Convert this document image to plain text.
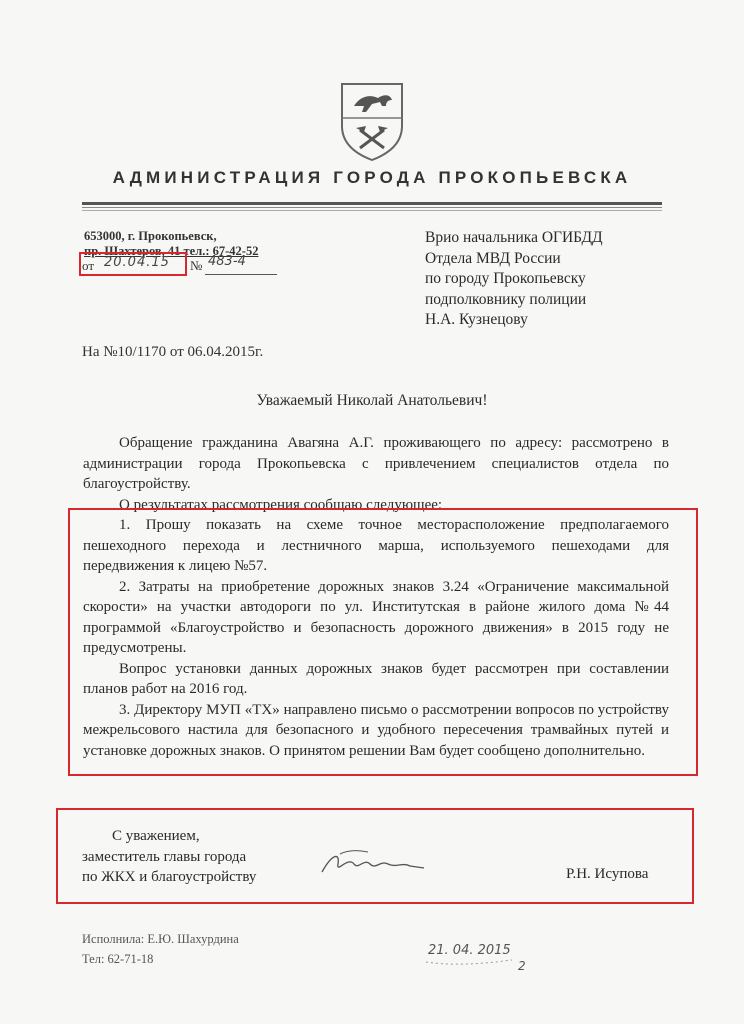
АДМИНИСТРАЦИЯ ГОРОДА ПРОКОПЬЕВСКА
653000, г. Прокопьевск,
пр. Шахтеров, 41 тел.: 67-42-52
от 20.04.15 № 483-4
Врио начальника ОГИБДД
Отдела МВД России
по городу Прокопьевску
подполковнику полиции
Н.А. Кузнецову
На №10/1170 от 06.04.2015г.
Уважаемый Николай Анатольевич!

Обращение гражданина Авагяна А.Г. проживающего по адресу: рассмотрено в администрации города Прокопьевска с привлечением специалистов отдела по благоустройству.

О результатах рассмотрения сообщаю следующее:

1. Прошу показать на схеме точное месторасположение предполагаемого пешеходного перехода и лестничного марша, используемого пешеходами для передвижения к лицею №57.

2. Затраты на приобретение дорожных знаков 3.24 «Ограничение максимальной скорости» на участки автодороги по ул. Институтская в районе жилого дома №44 программой «Благоустройство и безопасность дорожного движения» в 2015 году не предусмотрены.

Вопрос установки данных дорожных знаков будет рассмотрен при составлении планов работ на 2016 год.

3. Директору МУП «ТХ» направлено письмо о рассмотрении вопросов по устройству межрельсового настила для безопасного и удобного пересечения трамвайных путей и установке дорожных знаков. О принятом решении Вам будет сообщено дополнительно.

С уважением,
заместитель главы города
по ЖКХ и благоустройству	Р.Н. Исупова
Исполнила: Е.Ю. Шахурдина
Тел: 62-71-18
21. 04. 2015
2
